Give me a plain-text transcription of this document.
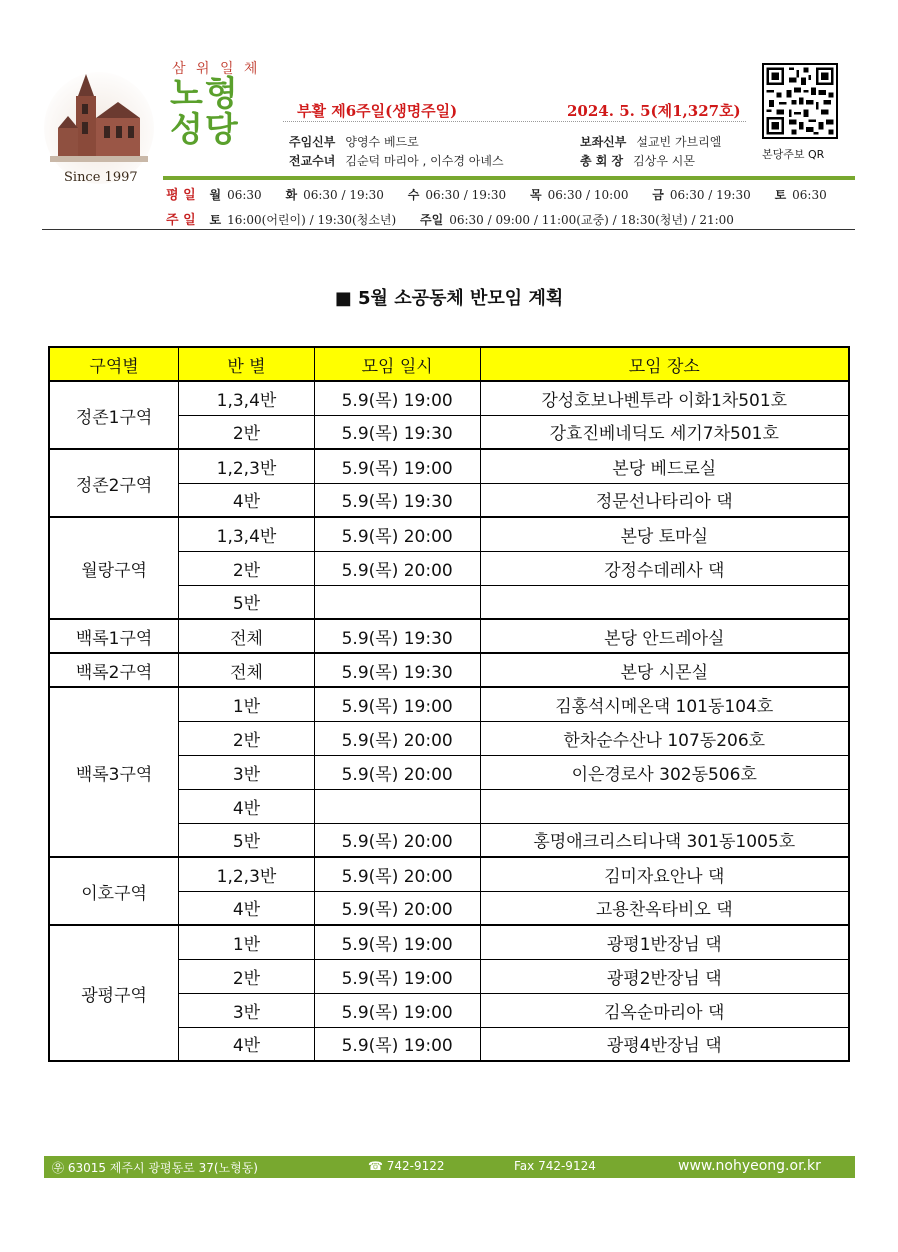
Since 1997
삼 위 일 체
노형
성당	부활 제6주일(생명주일)	2024. 5. 5(제1,327호)
주임신부 양영수 베드로	보좌신부 설교빈 가브리엘
전교수녀 김순덕 마리아 , 이수경 아녜스	총 회 장 김상우 시몬	본당주보 QR
평 일 월 06:30 화 06:30 / 19:30 수 06:30 / 19:30 목 06:30 / 10:00 금 06:30 / 19:30 토 06:30
주 일 토 16:00(어린이) / 19:30(청소년) 주일 06:30 / 09:00 / 11:00(교중) / 18:30(청년) / 21:00
■ 5월 소공동체 반모임 계획
구역별	반 별	모임 일시	모임 장소
정존1구역	1,3,4반	5.9(목) 19:00	강성호보나벤투라 이화1차501호
	2반	5.9(목) 19:30	강효진베네딕도 세기7차501호
정존2구역	1,2,3반	5.9(목) 19:00	본당 베드로실
	4반	5.9(목) 19:30	정문선나타리아 댁
월랑구역	1,3,4반	5.9(목) 20:00	본당 토마실
	2반	5.9(목) 20:00	강정수데레사 댁
	5반		
백록1구역	전체	5.9(목) 19:30	본당 안드레아실
백록2구역	전체	5.9(목) 19:30	본당 시몬실
백록3구역	1반	5.9(목) 19:00	김홍석시메온댁 101동104호
	2반	5.9(목) 20:00	한차순수산나 107동206호
	3반	5.9(목) 20:00	이은경로사 302동506호
	4반		
	5반	5.9(목) 20:00	홍명애크리스티나댁 301동1005호
이호구역	1,2,3반	5.9(목) 20:00	김미자요안나 댁
	4반	5.9(목) 20:00	고용찬옥타비오 댁
광평구역	1반	5.9(목) 19:00	광평1반장님 댁
	2반	5.9(목) 19:00	광평2반장님 댁
	3반	5.9(목) 19:00	김옥순마리아 댁
	4반	5.9(목) 19:00	광평4반장님 댁
㉾ 63015 제주시 광평동로 37(노형동)	☎ 742-9122	Fax 742-9124	www.nohyeong.or.kr
